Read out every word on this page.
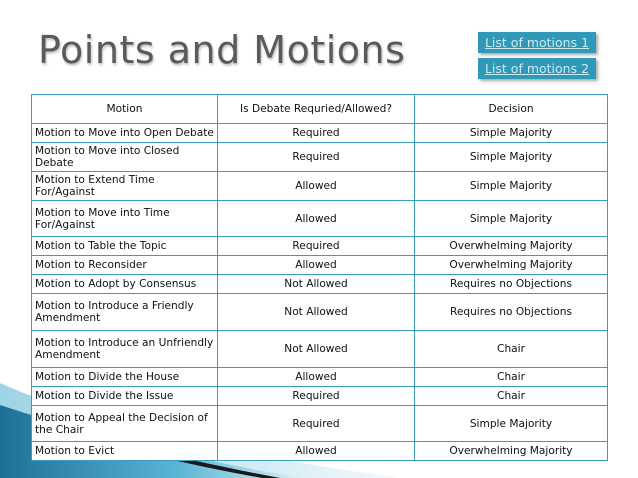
Points and Motions	List of motions 1
List of motions 2
Motion	Is Debate Requried/Allowed?	Decision
Motion to Move into Open Debate	Required	Simple Majority
Motion to Move into Closed Debate	Required	Simple Majority
Motion to Extend Time For/Against	Allowed	Simple Majority
Motion to Move into Time For/Against	Allowed	Simple Majority
Motion to Table the Topic	Required	Overwhelming Majority
Motion to Reconsider	Allowed	Overwhelming Majority
Motion to Adopt by Consensus	Not Allowed	Requires no Objections
Motion to Introduce a Friendly Amendment	Not Allowed	Requires no Objections
Motion to Introduce an Unfriendly Amendment	Not Allowed	Chair
Motion to Divide the House	Allowed	Chair
Motion to Divide the Issue	Required	Chair
Motion to Appeal the Decision of the Chair	Required	Simple Majority
Motion to Evict	Allowed	Overwhelming Majority
